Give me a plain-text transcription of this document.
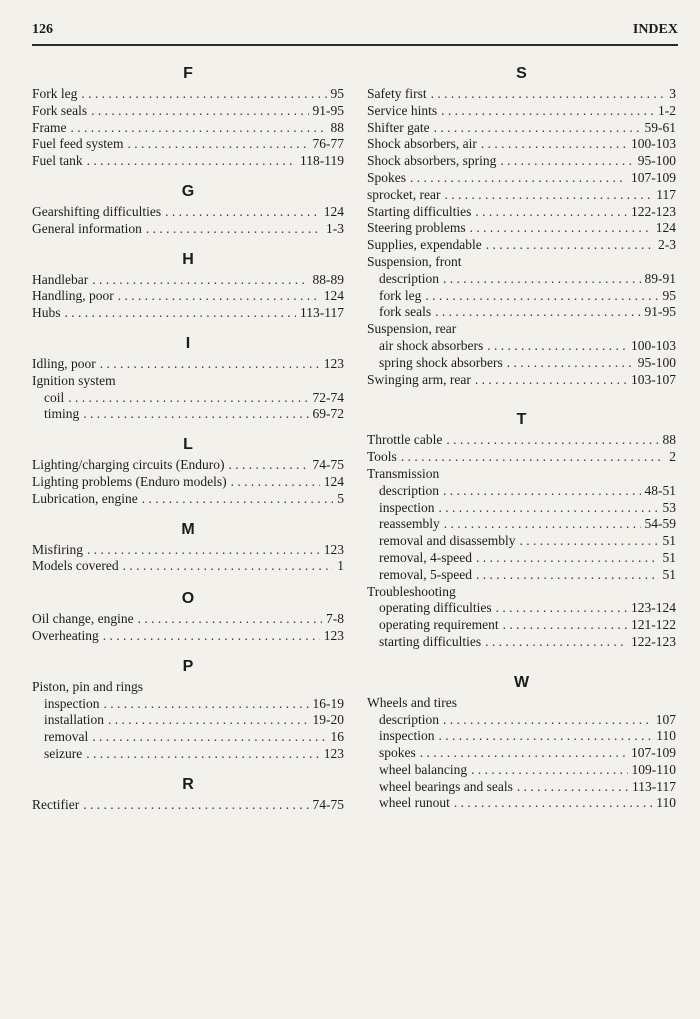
126	INDEX
F
Fork leg . . .	95
Fork seals . . .	91-95
Frame . . .	88
Fuel feed system . . .	76-77
Fuel tank . . .	118-119
G
Gearshifting difficulties . . .	124
General information . . .	1-3
H
Handlebar . . .	88-89
Handling, poor . . .	124
Hubs . . .	113-117
I
Idling, poor . . .	123
Ignition system
coil . . .	72-74
timing . . .	69-72
L
Lighting/charging circuits (Enduro) . . .	74-75
Lighting problems (Enduro models) . . .	124
Lubrication, engine . . .	5
M
Misfiring . . .	123
Models covered . . .	1
O
Oil change, engine . . .	7-8
Overheating . . .	123
P
Piston, pin and rings
inspection . . .	16-19
installation . . .	19-20
removal . . .	16
seizure . . .	123
R
Rectifier . . .	74-75
S
Safety first . . .	3
Service hints . . .	1-2
Shifter gate . . .	59-61
Shock absorbers, air . . .	100-103
Shock absorbers, spring . . .	95-100
Spokes . . .	107-109
sprocket, rear . . .	117
Starting difficulties . . .	122-123
Steering problems . . .	124
Supplies, expendable . . .	2-3
Suspension, front
description . . .	89-91
fork leg . . .	95
fork seals . . .	91-95
Suspension, rear
air shock absorbers . . .	100-103
spring shock absorbers . . .	95-100
Swinging arm, rear . . .	103-107
T
Throttle cable . . .	88
Tools . . .	2
Transmission
description . . .	48-51
inspection . . .	53
reassembly . . .	54-59
removal and disassembly . . .	51
removal, 4-speed . . .	51
removal, 5-speed . . .	51
Troubleshooting
operating difficulties . . .	123-124
operating requirement . . .	121-122
starting difficulties . . .	122-123
W
Wheels and tires
description . . .	107
inspection . . .	110
spokes . . .	107-109
wheel balancing . . .	109-110
wheel bearings and seals . . .	113-117
wheel runout . . .	110
